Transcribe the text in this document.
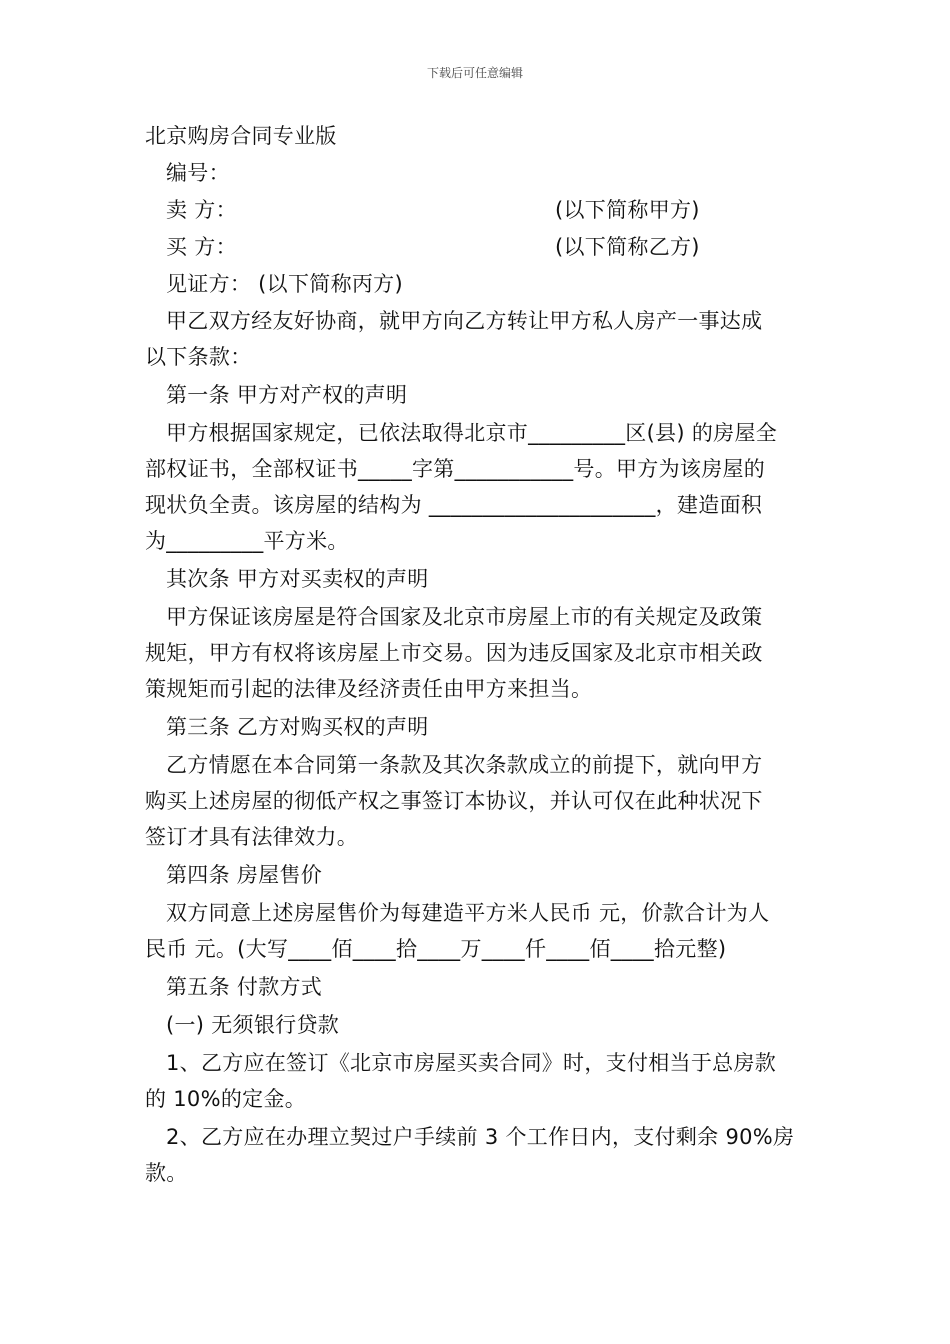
下载后可任意编辑
北京购房合同专业版
编号：
卖 方：	(以下简称甲方)
买 方：	(以下简称乙方)
见证方： (以下简称丙方)
甲乙双方经友好协商，就甲方向乙方转让甲方私人房产一事达成
以下条款：
第一条 甲方对产权的声明
甲方根据国家规定，已依法取得北京市_________区(县) 的房屋全
部权证书，全部权证书_____字第___________号。甲方为该房屋的
现状负全责。该房屋的结构为 _____________________，建造面积
为_________平方米。
其次条 甲方对买卖权的声明
甲方保证该房屋是符合国家及北京市房屋上市的有关规定及政策
规矩，甲方有权将该房屋上市交易。因为违反国家及北京市相关政
策规矩而引起的法律及经济责任由甲方来担当。
第三条 乙方对购买权的声明
乙方情愿在本合同第一条款及其次条款成立的前提下，就向甲方
购买上述房屋的彻低产权之事签订本协议，并认可仅在此种状况下
签订才具有法律效力。
第四条 房屋售价
双方同意上述房屋售价为每建造平方米人民币 元，价款合计为人
民币 元。(大写____佰____拾____万____仟____佰____拾元整)
第五条 付款方式
(一) 无须银行贷款
1、乙方应在签订《北京市房屋买卖合同》时，支付相当于总房款
的 10%的定金。
2、乙方应在办理立契过户手续前 3 个工作日内，支付剩余 90%房
款。
